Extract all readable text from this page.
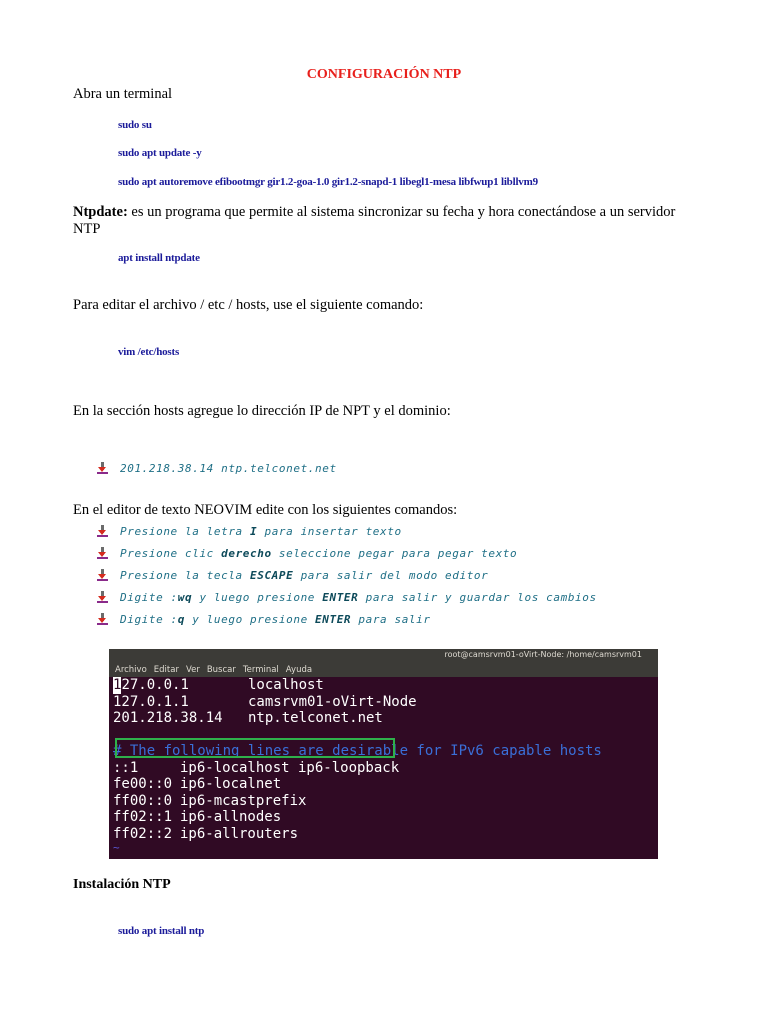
CONFIGURACIÓN NTP
Abra un terminal
sudo su
sudo apt update -y
sudo apt autoremove efibootmgr gir1.2-goa-1.0 gir1.2-snapd-1 libegl1-mesa libfwup1 libllvm9
Ntpdate: es un programa que permite al sistema sincronizar su fecha y hora conectándose a un servidor NTP
apt install ntpdate
Para editar el archivo / etc / hosts, use el siguiente comando:
vim /etc/hosts
En la sección hosts agregue lo dirección IP de NPT y el dominio:
201.218.38.14 ntp.telconet.net
En el editor de texto NEOVIM edite con los siguientes comandos:
Presione la letra I para insertar texto
Presione clic derecho seleccione pegar para pegar texto
Presione la tecla ESCAPE para salir del modo editor
Digite :wq y luego presione ENTER para salir y guardar los cambios
Digite :q y luego presione ENTER para salir
root@camsrvm01-oVirt-Node: /home/camsrvm01
Archivo Editar Ver Buscar Terminal Ayuda
127.0.0.1	localhost
127.0.1.1	camsrvm01-oVirt-Node
201.218.38.14	ntp.telconet.net
# The following lines are desirable for IPv6 capable hosts
::1	ip6-localhost ip6-loopback
fe00::0 ip6-localnet
ff00::0 ip6-mcastprefix
ff02::1 ip6-allnodes
ff02::2 ip6-allrouters
~
Instalación NTP
sudo apt install ntp
